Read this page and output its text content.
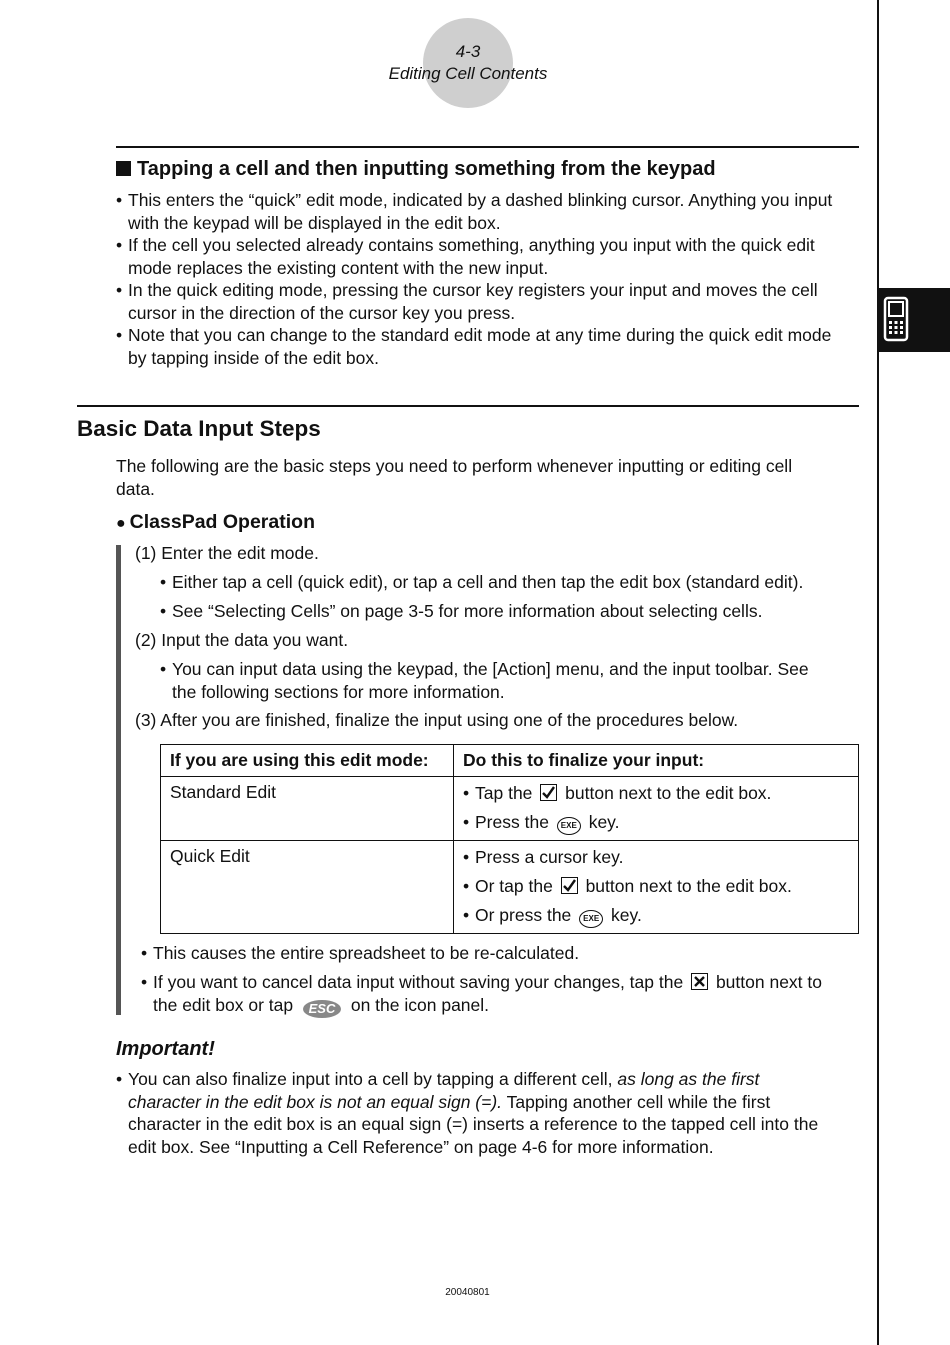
4-3
Editing Cell Contents
Tapping a cell and then inputting something from the keypad
• This enters the “quick” edit mode, indicated by a dashed blinking cursor. Anything you input
with the keypad will be displayed in the edit box.
• If the cell you selected already contains something, anything you input with the quick edit
mode replaces the existing content with the new input.
• In the quick editing mode, pressing the cursor key registers your input and moves the cell
cursor in the direction of the cursor key you press.
• Note that you can change to the standard edit mode at any time during the quick edit mode
by tapping inside of the edit box.
Basic Data Input Steps
The following are the basic steps you need to perform whenever inputting or editing cell
data.
● ClassPad Operation
(1) Enter the edit mode.
• Either tap a cell (quick edit), or tap a cell and then tap the edit box (standard edit).
• See “Selecting Cells” on page 3-5 for more information about selecting cells.
(2) Input the data you want.
• You can input data using the keypad, the [Action] menu, and the input toolbar. See
the following sections for more information.
(3) After you are finished, finalize the input using one of the procedures below.
If you are using this edit mode:	Do this to finalize your input:
Standard Edit	• Tap the button next to the edit box.
• Press the EXE key.

Quick Edit	• Press a cursor key.
• Or tap the button next to the edit box.
• Or press the EXE key.
• This causes the entire spreadsheet to be re-calculated.
• If you want to cancel data input without saving your changes, tap the button next to
the edit box or tap ESC on the icon panel.
Important!
• You can also finalize input into a cell by tapping a different cell, as long as the first
character in the edit box is not an equal sign (=). Tapping another cell while the first
character in the edit box is an equal sign (=) inserts a reference to the tapped cell into the
edit box. See “Inputting a Cell Reference” on page 4-6 for more information.
20040801
